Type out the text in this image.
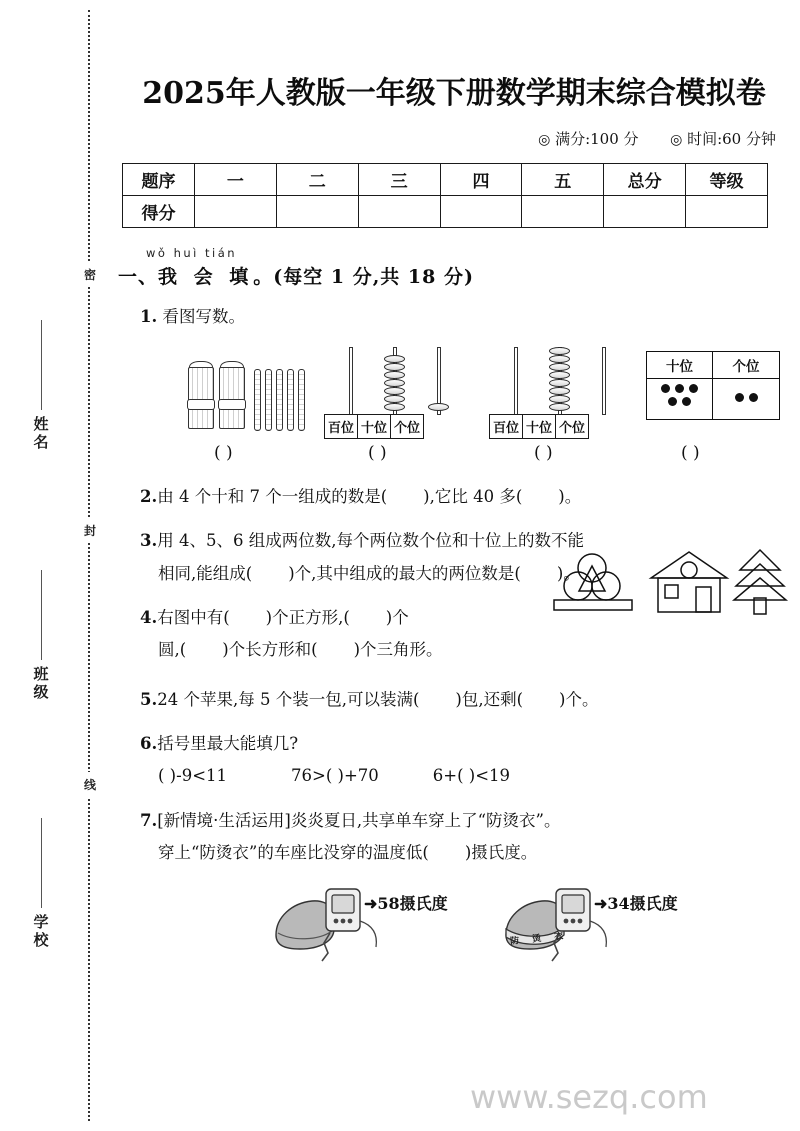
密
封
线
姓名
班级
学校
2025年人教版一年级下册数学期末综合模拟卷
◎ 满分:100 分 ◎ 时间:60 分钟
题序	一	二	三	四	五	总分	等级
得分							
wǒ huì tián
一、我 会 填。(每空 1 分,共 18 分)
1. 看图写数。
百位 十位 个位	百位 十位 个位
十位	个位
( )	( )	( )	( )
2.由 4 个十和 7 个一组成的数是( ),它比 40 多( )。
3.用 4、5、6 组成两位数,每个两位数个位和十位上的数不能
相同,能组成( )个,其中组成的最大的两位数是( )。
4.右图中有( )个正方形,( )个
圆,( )个长方形和( )个三角形。
5.24 个苹果,每 5 个装一包,可以装满( )包,还剩( )个。
6.括号里最大能填几?
( )-9<11	76>( )+70	6+( )<19
7.[新情境·生活运用]炎炎夏日,共享单车穿上了“防烫衣”。
穿上“防烫衣”的车座比没穿的温度低( )摄氏度。
➜58摄氏度
防 烫 衣
➜34摄氏度
www.sezq.com
